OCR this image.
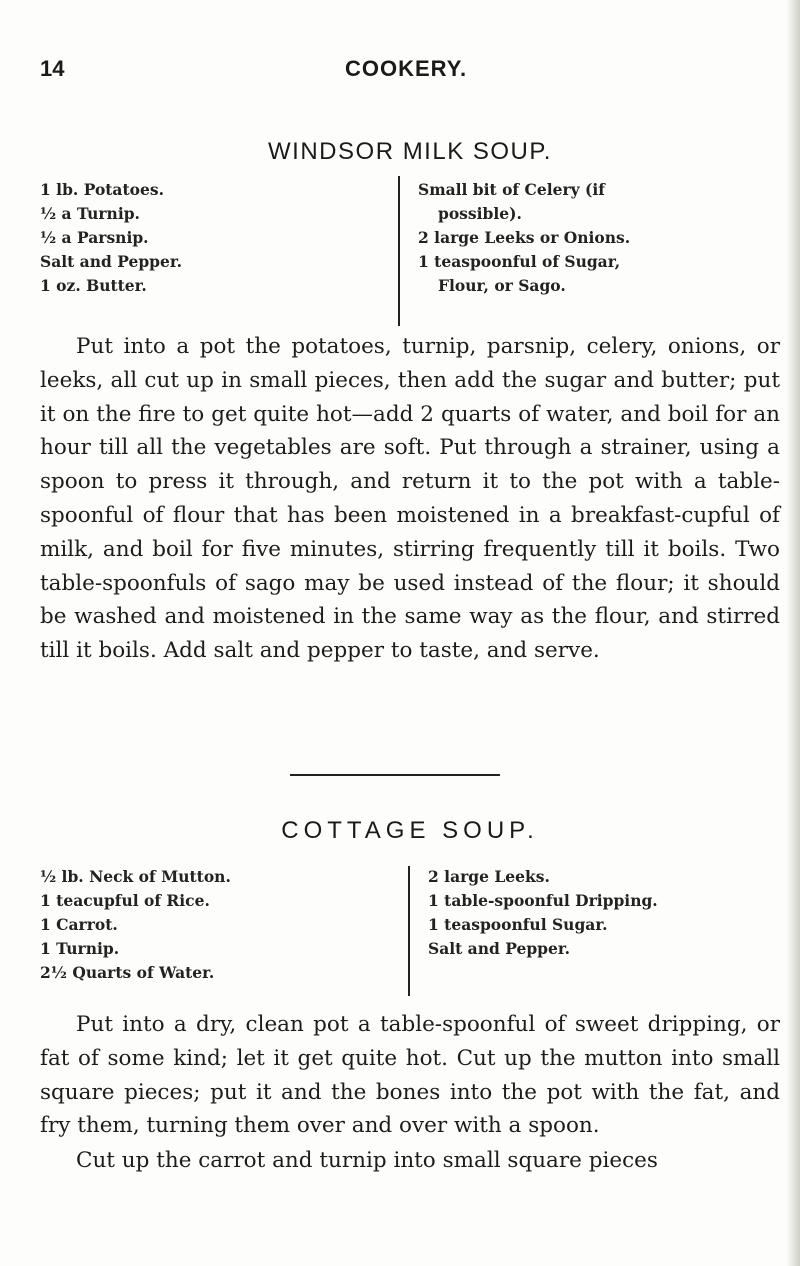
14	COOKERY.
WINDSOR MILK SOUP.
1 lb. Potatoes.
½ a Turnip.
½ a Parsnip.
Salt and Pepper.
1 oz. Butter.
Small bit of Celery (if
possible).
2 large Leeks or Onions.
1 teaspoonful of Sugar,
Flour, or Sago.

Put into a pot the potatoes, turnip, parsnip, celery, onions, or leeks, all cut up in small pieces, then add the sugar and butter; put it on the fire to get quite hot—add 2 quarts of water, and boil for an hour till all the vegetables are soft. Put through a strainer, using a spoon to press it through, and return it to the pot with a table-spoonful of flour that has been moistened in a breakfast-cupful of milk, and boil for five minutes, stirring frequently till it boils. Two table-spoonfuls of sago may be used instead of the flour; it should be washed and moistened in the same way as the flour, and stirred till it boils. Add salt and pepper to taste, and serve.

COTTAGE SOUP.
½ lb. Neck of Mutton.
1 teacupful of Rice.
1 Carrot.
1 Turnip.
2½ Quarts of Water.
2 large Leeks.
1 table-spoonful Dripping.
1 teaspoonful Sugar.
Salt and Pepper.

Put into a dry, clean pot a table-spoonful of sweet dripping, or fat of some kind; let it get quite hot. Cut up the mutton into small square pieces; put it and the bones into the pot with the fat, and fry them, turning them over and over with a spoon.

Cut up the carrot and turnip into small square pieces
